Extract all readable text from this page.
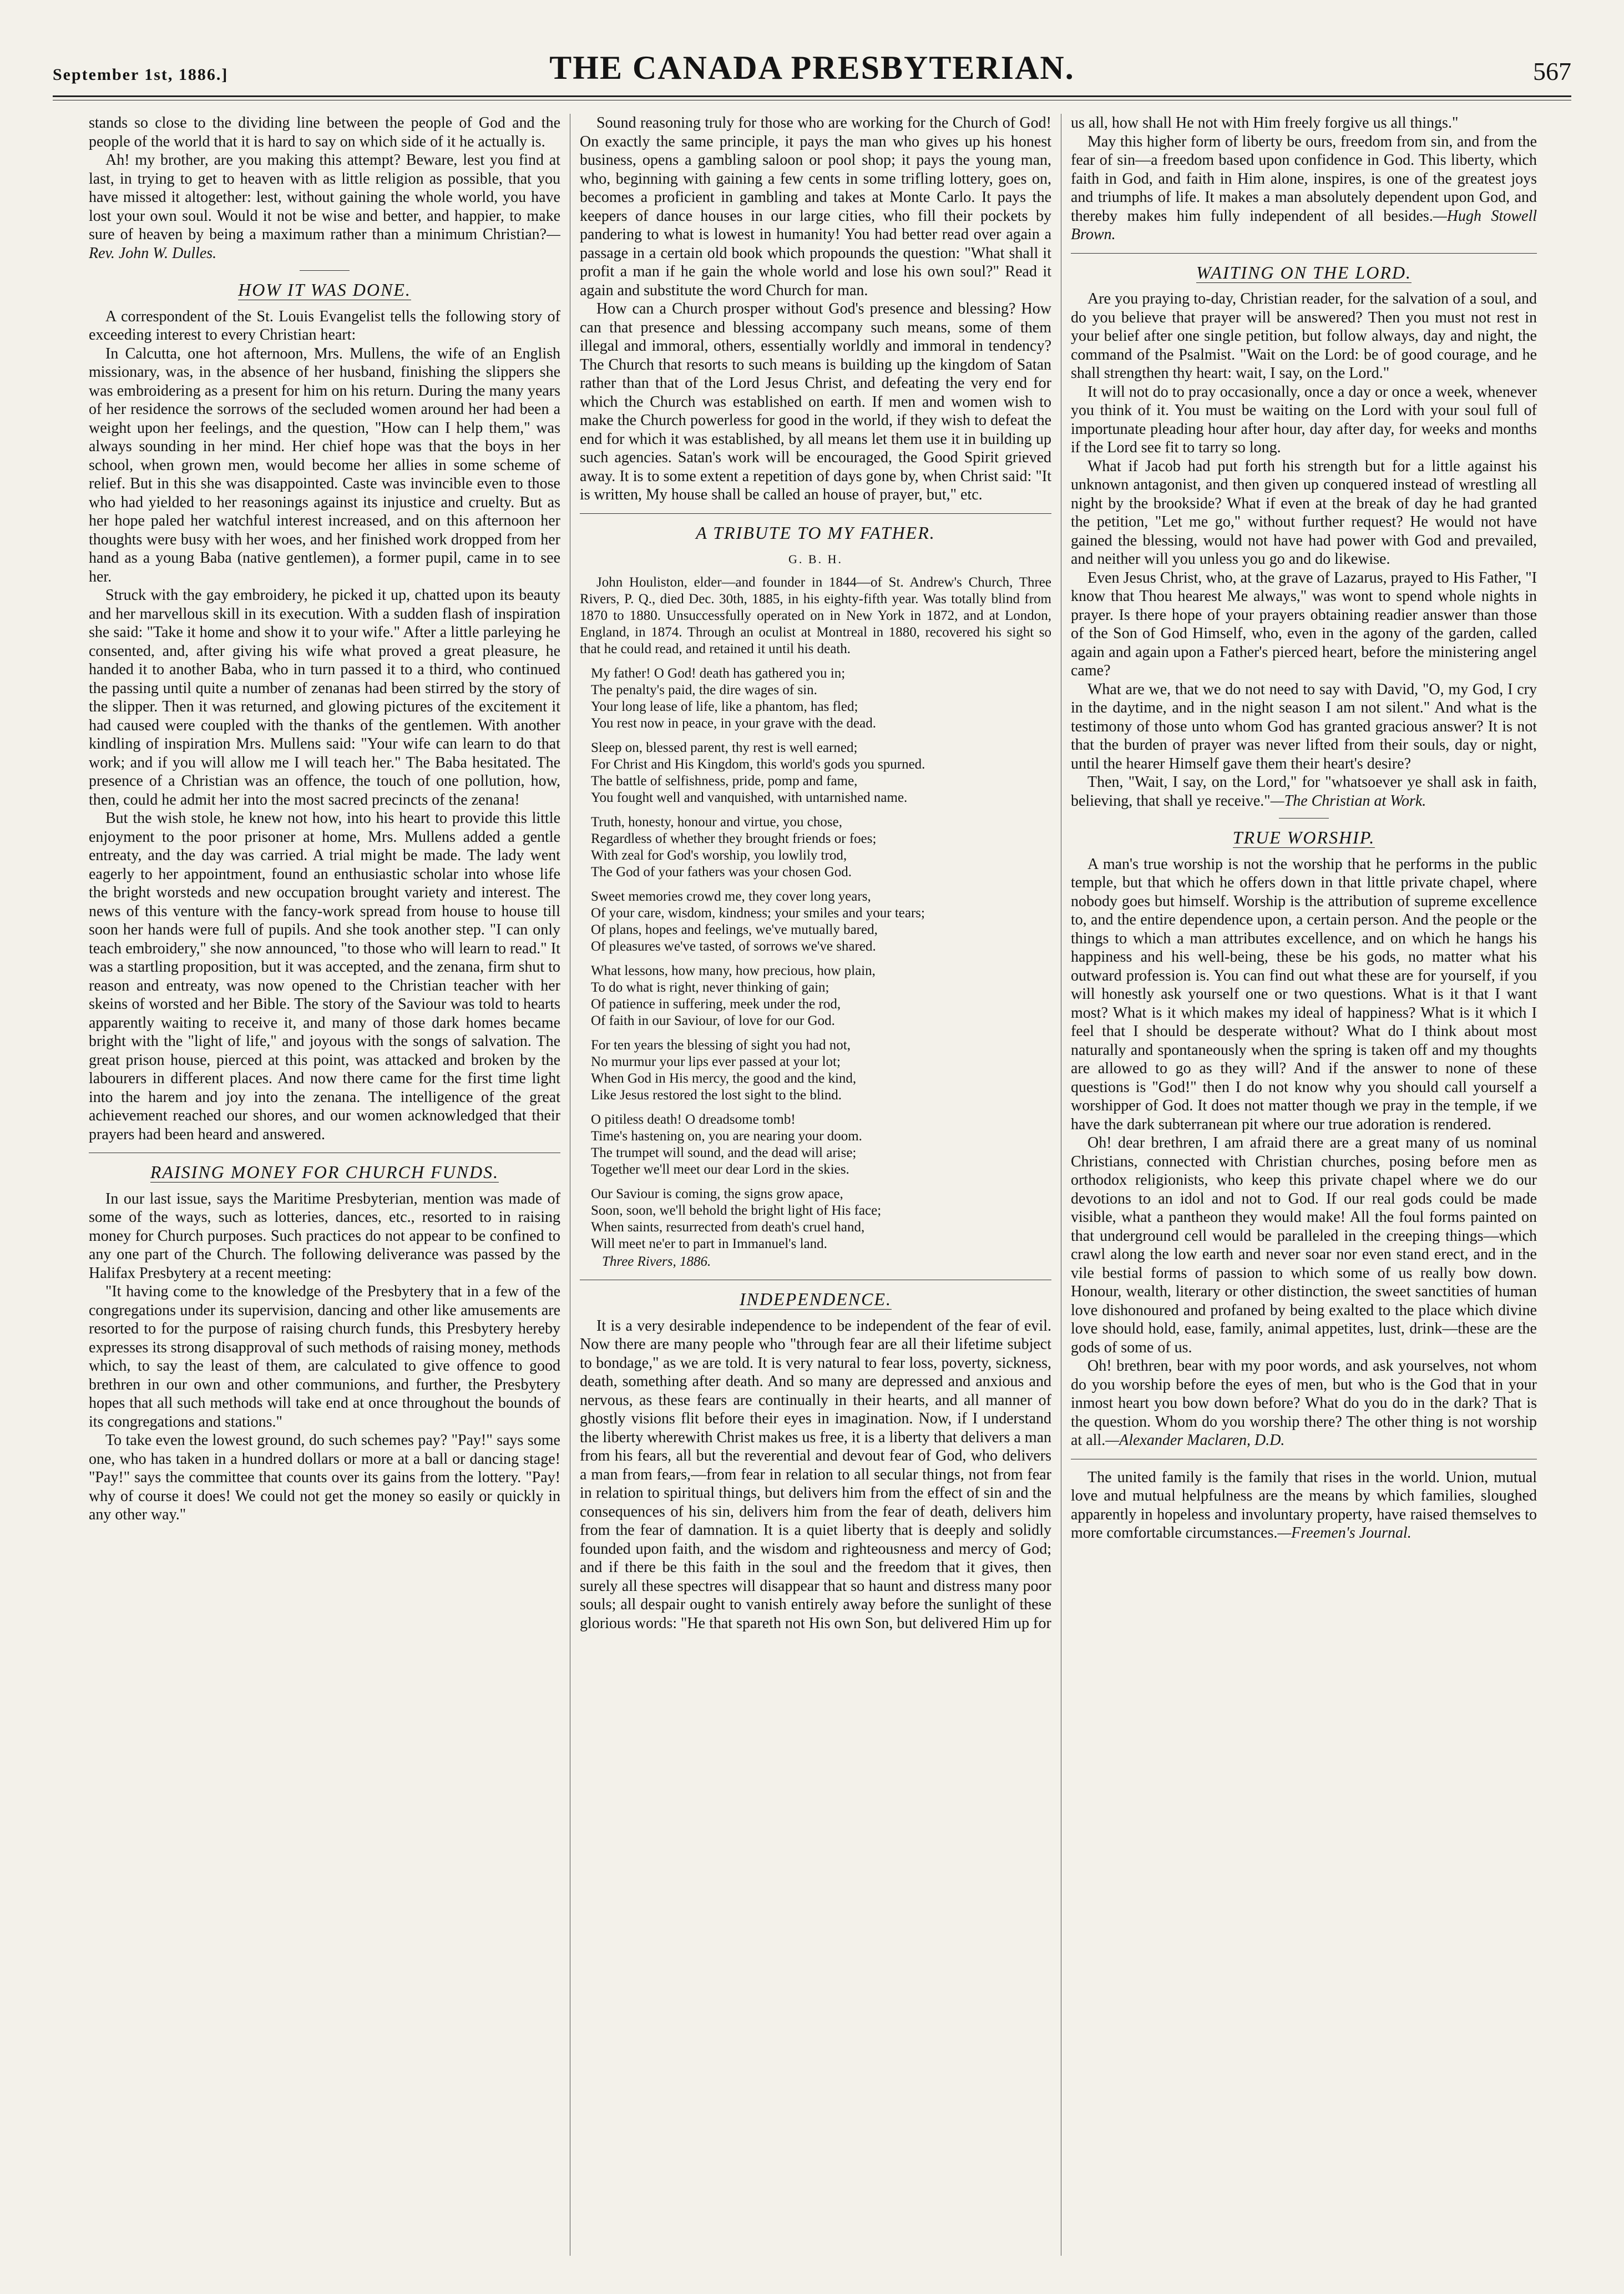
September 1st, 1886.]	THE CANADA PRESBYTERIAN.	567

stands so close to the dividing line between the people of God and the people of the world that it is hard to say on which side of it he actually is.

Ah! my brother, are you making this attempt? Beware, lest you find at last, in trying to get to heaven with as little religion as possible, that you have missed it altogether: lest, without gaining the whole world, you have lost your own soul. Would it not be wise and better, and happier, to make sure of heaven by being a maximum rather than a minimum Christian?—Rev. John W. Dulles.

HOW IT WAS DONE.

A correspondent of the St. Louis Evangelist tells the following story of exceeding interest to every Christian heart:

In Calcutta, one hot afternoon, Mrs. Mullens, the wife of an English missionary, was, in the absence of her husband, finishing the slippers she was embroidering as a present for him on his return. During the many years of her residence the sorrows of the secluded women around her had been a weight upon her feelings, and the question, "How can I help them," was always sounding in her mind. Her chief hope was that the boys in her school, when grown men, would become her allies in some scheme of relief. But in this she was disappointed. Caste was invincible even to those who had yielded to her reasonings against its injustice and cruelty. But as her hope paled her watchful interest increased, and on this afternoon her thoughts were busy with her woes, and her finished work dropped from her hand as a young Baba (native gentlemen), a former pupil, came in to see her.

Struck with the gay embroidery, he picked it up, chatted upon its beauty and her marvellous skill in its execution. With a sudden flash of inspiration she said: "Take it home and show it to your wife." After a little parleying he consented, and, after giving his wife what proved a great pleasure, he handed it to another Baba, who in turn passed it to a third, who continued the passing until quite a number of zenanas had been stirred by the story of the slipper. Then it was returned, and glowing pictures of the excitement it had caused were coupled with the thanks of the gentlemen. With another kindling of inspiration Mrs. Mullens said: "Your wife can learn to do that work; and if you will allow me I will teach her." The Baba hesitated. The presence of a Christian was an offence, the touch of one pollution, how, then, could he admit her into the most sacred precincts of the zenana!

But the wish stole, he knew not how, into his heart to provide this little enjoyment to the poor prisoner at home, Mrs. Mullens added a gentle entreaty, and the day was carried. A trial might be made. The lady went eagerly to her appointment, found an enthusiastic scholar into whose life the bright worsteds and new occupation brought variety and interest. The news of this venture with the fancy-work spread from house to house till soon her hands were full of pupils. And she took another step. "I can only teach embroidery," she now announced, "to those who will learn to read." It was a startling proposition, but it was accepted, and the zenana, firm shut to reason and entreaty, was now opened to the Christian teacher with her skeins of worsted and her Bible. The story of the Saviour was told to hearts apparently waiting to receive it, and many of those dark homes became bright with the "light of life," and joyous with the songs of salvation. The great prison house, pierced at this point, was attacked and broken by the labourers in different places. And now there came for the first time light into the harem and joy into the zenana. The intelligence of the great achievement reached our shores, and our women acknowledged that their prayers had been heard and answered.

RAISING MONEY FOR CHURCH FUNDS.

In our last issue, says the Maritime Presbyterian, mention was made of some of the ways, such as lotteries, dances, etc., resorted to in raising money for Church purposes. Such practices do not appear to be confined to any one part of the Church. The following deliverance was passed by the Halifax Presbytery at a recent meeting:

"It having come to the knowledge of the Presbytery that in a few of the congregations under its supervision, dancing and other like amusements are resorted to for the purpose of raising church funds, this Presbytery hereby expresses its strong disapproval of such methods of raising money, methods which, to say the least of them, are calculated to give offence to good brethren in our own and other communions, and further, the Presbytery hopes that all such methods will take end at once throughout the bounds of its congregations and stations."

To take even the lowest ground, do such schemes pay? "Pay!" says some one, who has taken in a hundred dollars or more at a ball or dancing stage! "Pay!" says the committee that counts over its gains from the lottery. "Pay! why of course it does! We could not get the money so easily or quickly in any other way."

Sound reasoning truly for those who are working for the Church of God! On exactly the same principle, it pays the man who gives up his honest business, opens a gambling saloon or pool shop; it pays the young man, who, beginning with gaining a few cents in some trifling lottery, goes on, becomes a proficient in gambling and takes at Monte Carlo. It pays the keepers of dance houses in our large cities, who fill their pockets by pandering to what is lowest in humanity! You had better read over again a passage in a certain old book which propounds the question: "What shall it profit a man if he gain the whole world and lose his own soul?" Read it again and substitute the word Church for man.

How can a Church prosper without God's presence and blessing? How can that presence and blessing accompany such means, some of them illegal and immoral, others, essentially worldly and immoral in tendency? The Church that resorts to such means is building up the kingdom of Satan rather than that of the Lord Jesus Christ, and defeating the very end for which the Church was established on earth. If men and women wish to make the Church powerless for good in the world, if they wish to defeat the end for which it was established, by all means let them use it in building up such agencies. Satan's work will be encouraged, the Good Spirit grieved away. It is to some extent a repetition of days gone by, when Christ said: "It is written, My house shall be called an house of prayer, but," etc.

A TRIBUTE TO MY FATHER.
G. B. H.

John Houliston, elder—and founder in 1844—of St. Andrew's Church, Three Rivers, P. Q., died Dec. 30th, 1885, in his eighty-fifth year. Was totally blind from 1870 to 1880. Unsuccessfully operated on in New York in 1872, and at London, England, in 1874. Through an oculist at Montreal in 1880, recovered his sight so that he could read, and retained it until his death.

My father! O God! death has gathered you in;
The penalty's paid, the dire wages of sin.
Your long lease of life, like a phantom, has fled;
You rest now in peace, in your grave with the dead.

Sleep on, blessed parent, thy rest is well earned;
For Christ and His Kingdom, this world's gods you spurned.
The battle of selfishness, pride, pomp and fame,
You fought well and vanquished, with untarnished name.

Truth, honesty, honour and virtue, you chose,
Regardless of whether they brought friends or foes;
With zeal for God's worship, you lowlily trod,
The God of your fathers was your chosen God.

Sweet memories crowd me, they cover long years,
Of your care, wisdom, kindness; your smiles and your tears;
Of plans, hopes and feelings, we've mutually bared,
Of pleasures we've tasted, of sorrows we've shared.

What lessons, how many, how precious, how plain,
To do what is right, never thinking of gain;
Of patience in suffering, meek under the rod,
Of faith in our Saviour, of love for our God.

For ten years the blessing of sight you had not,
No murmur your lips ever passed at your lot;
When God in His mercy, the good and the kind,
Like Jesus restored the lost sight to the blind.

O pitiless death! O dreadsome tomb!
Time's hastening on, you are nearing your doom.
The trumpet will sound, and the dead will arise;
Together we'll meet our dear Lord in the skies.

Our Saviour is coming, the signs grow apace,
Soon, soon, we'll behold the bright light of His face;
When saints, resurrected from death's cruel hand,
Will meet ne'er to part in Immanuel's land.

Three Rivers, 1886.
INDEPENDENCE.

It is a very desirable independence to be independent of the fear of evil. Now there are many people who "through fear are all their lifetime subject to bondage," as we are told. It is very natural to fear loss, poverty, sickness, death, something after death. And so many are depressed and anxious and nervous, as these fears are continually in their hearts, and all manner of ghostly visions flit before their eyes in imagination. Now, if I understand the liberty wherewith Christ makes us free, it is a liberty that delivers a man from his fears, all but the reverential and devout fear of God, who delivers a man from fears,—from fear in relation to all secular things, not from fear in relation to spiritual things, but delivers him from the effect of sin and the consequences of his sin, delivers him from the fear of death, delivers him from the fear of damnation. It is a quiet liberty that is deeply and solidly founded upon faith, and the wisdom and righteousness and mercy of God; and if there be this faith in the soul and the freedom that it gives, then surely all these spectres will disappear that so haunt and distress many poor souls; all despair ought to vanish entirely away before the sunlight of these glorious words: "He that spareth not His own Son, but delivered Him up for

us all, how shall He not with Him freely forgive us all things."

May this higher form of liberty be ours, freedom from sin, and from the fear of sin—a freedom based upon confidence in God. This liberty, which faith in God, and faith in Him alone, inspires, is one of the greatest joys and triumphs of life. It makes a man absolutely dependent upon God, and thereby makes him fully independent of all besides.—Hugh Stowell Brown.

WAITING ON THE LORD.

Are you praying to-day, Christian reader, for the salvation of a soul, and do you believe that prayer will be answered? Then you must not rest in your belief after one single petition, but follow always, day and night, the command of the Psalmist. "Wait on the Lord: be of good courage, and he shall strengthen thy heart: wait, I say, on the Lord."

It will not do to pray occasionally, once a day or once a week, whenever you think of it. You must be waiting on the Lord with your soul full of importunate pleading hour after hour, day after day, for weeks and months if the Lord see fit to tarry so long.

What if Jacob had put forth his strength but for a little against his unknown antagonist, and then given up conquered instead of wrestling all night by the brookside? What if even at the break of day he had granted the petition, "Let me go," without further request? He would not have gained the blessing, would not have had power with God and prevailed, and neither will you unless you go and do likewise.

Even Jesus Christ, who, at the grave of Lazarus, prayed to His Father, "I know that Thou hearest Me always," was wont to spend whole nights in prayer. Is there hope of your prayers obtaining readier answer than those of the Son of God Himself, who, even in the agony of the garden, called again and again upon a Father's pierced heart, before the ministering angel came?

What are we, that we do not need to say with David, "O, my God, I cry in the daytime, and in the night season I am not silent." And what is the testimony of those unto whom God has granted gracious answer? It is not that the burden of prayer was never lifted from their souls, day or night, until the hearer Himself gave them their heart's desire?

Then, "Wait, I say, on the Lord," for "whatsoever ye shall ask in faith, believing, that shall ye receive."—The Christian at Work.

TRUE WORSHIP.

A man's true worship is not the worship that he performs in the public temple, but that which he offers down in that little private chapel, where nobody goes but himself. Worship is the attribution of supreme excellence to, and the entire dependence upon, a certain person. And the people or the things to which a man attributes excellence, and on which he hangs his happiness and his well-being, these be his gods, no matter what his outward profession is. You can find out what these are for yourself, if you will honestly ask yourself one or two questions. What is it that I want most? What is it which makes my ideal of happiness? What is it which I feel that I should be desperate without? What do I think about most naturally and spontaneously when the spring is taken off and my thoughts are allowed to go as they will? And if the answer to none of these questions is "God!" then I do not know why you should call yourself a worshipper of God. It does not matter though we pray in the temple, if we have the dark subterranean pit where our true adoration is rendered.

Oh! dear brethren, I am afraid there are a great many of us nominal Christians, connected with Christian churches, posing before men as orthodox religionists, who keep this private chapel where we do our devotions to an idol and not to God. If our real gods could be made visible, what a pantheon they would make! All the foul forms painted on that underground cell would be paralleled in the creeping things—which crawl along the low earth and never soar nor even stand erect, and in the vile bestial forms of passion to which some of us really bow down. Honour, wealth, literary or other distinction, the sweet sanctities of human love dishonoured and profaned by being exalted to the place which divine love should hold, ease, family, animal appetites, lust, drink—these are the gods of some of us.

Oh! brethren, bear with my poor words, and ask yourselves, not whom do you worship before the eyes of men, but who is the God that in your inmost heart you bow down before? What do you do in the dark? That is the question. Whom do you worship there? The other thing is not worship at all.—Alexander Maclaren, D.D.

The united family is the family that rises in the world. Union, mutual love and mutual helpfulness are the means by which families, sloughed apparently in hopeless and involuntary property, have raised themselves to more comfortable circumstances.—Freemen's Journal.
